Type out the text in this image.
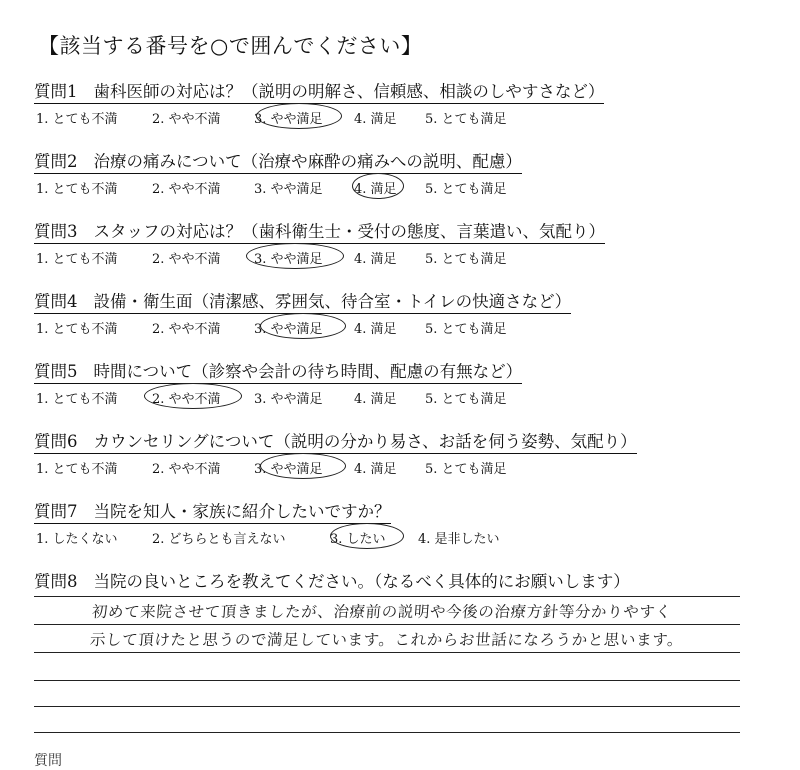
【該当する番号を○で囲んでください】
質問1 歯科医師の対応は？（説明の明解さ、信頼感、相談のしやすさなど）
1. とても不満	2. やや不満	3. やや満足 4. 満足 5. とても満足
質問2 治療の痛みについて（治療や麻酔の痛みへの説明、配慮）
1. とても不満	2. やや不満	3. やや満足 4. 満足 5. とても満足
質問3 スタッフの対応は？（歯科衛生士・受付の態度、言葉遣い、気配り）
1. とても不満	2. やや不満	3. やや満足 4. 満足 5. とても満足
質問4 設備・衛生面（清潔感、雰囲気、待合室・トイレの快適さなど）
1. とても不満	2. やや不満	3. やや満足 4. 満足 5. とても満足
質問5 時間について（診察や会計の待ち時間、配慮の有無など）
1. とても不満	2. やや不満	3. やや満足 4. 満足 5. とても満足
質問6 カウンセリングについて（説明の分かり易さ、お話を伺う姿勢、気配り）
1. とても不満	2. やや不満	3. やや満足 4. 満足 5. とても満足
質問7 当院を知人・家族に紹介したいですか？
1. したくない	2. どちらとも言えない	3. したい 4. 是非したい
質問8 当院の良いところを教えてください。（なるべく具体的にお願いします）
初めて来院させて頂きましたが、治療前の説明や今後の治療方針等分かりやすく
示して頂けたと思うので満足しています。これからお世話になろうかと思います。
質問
